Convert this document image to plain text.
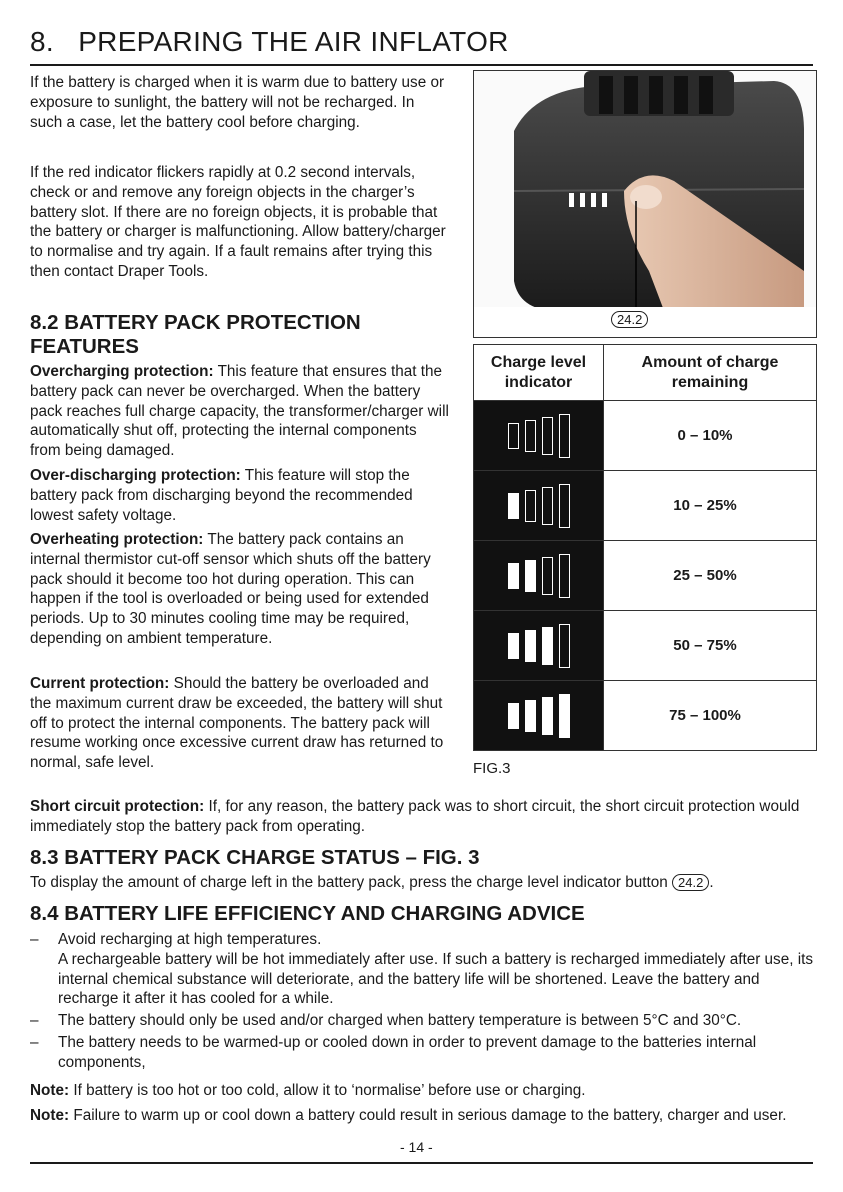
8. PREPARING THE AIR INFLATOR
If the battery is charged when it is warm due to battery use or exposure to sunlight, the battery will not be recharged. In such a case, let the battery cool before charging.
If the red indicator flickers rapidly at 0.2 second intervals, check or and remove any foreign objects in the charger’s battery slot. If there are no foreign objects, it is probable that the battery or charger is malfunctioning. Allow battery/charger to normalise and try again. If a fault remains after trying this then contact Draper Tools.
8.2 BATTERY PACK PROTECTION FEATURES
Overcharging protection: This feature that ensures that the battery pack can never be overcharged. When the battery pack reaches full charge capacity, the transformer/charger will automatically shut off, protecting the internal components from being damaged.
Over-discharging protection: This feature will stop the battery pack from discharging beyond the recommended lowest safety voltage.
Overheating protection: The battery pack contains an internal thermistor cut-off sensor which shuts off the battery pack should it become too hot during operation. This can happen if the tool is overloaded or being used for extended periods. Up to 30 minutes cooling time may be required, depending on ambient temperature.
Current protection: Should the battery be overloaded and the maximum current draw be exceeded, the battery will shut off to protect the internal components. The battery pack will resume working once excessive current draw has returned to normal, safe level.
Short circuit protection: If, for any reason, the battery pack was to short circuit, the short circuit protection would immediately stop the battery pack from operating.
24.2
Charge level indicator	Amount of charge remaining
	0 – 10%
	10 – 25%
	25 – 50%
	50 – 75%
	75 – 100%
FIG.3
8.3 BATTERY PACK CHARGE STATUS – FIG. 3
To display the amount of charge left in the battery pack, press the charge level indicator button 24.2 .
8.4 BATTERY LIFE EFFICIENCY AND CHARGING ADVICE
– Avoid recharging at high temperatures.
A rechargeable battery will be hot immediately after use. If such a battery is recharged immediately after use, its internal chemical substance will deteriorate, and the battery life will be shortened. Leave the battery and recharge it after it has cooled for a while.
– The battery should only be used and/or charged when battery temperature is between 5°C and 30°C.
– The battery needs to be warmed-up or cooled down in order to prevent damage to the batteries internal components,
Note: If battery is too hot or too cold, allow it to ‘normalise’ before use or charging.
Note: Failure to warm up or cool down a battery could result in serious damage to the battery, charger and user.
- 14 -
